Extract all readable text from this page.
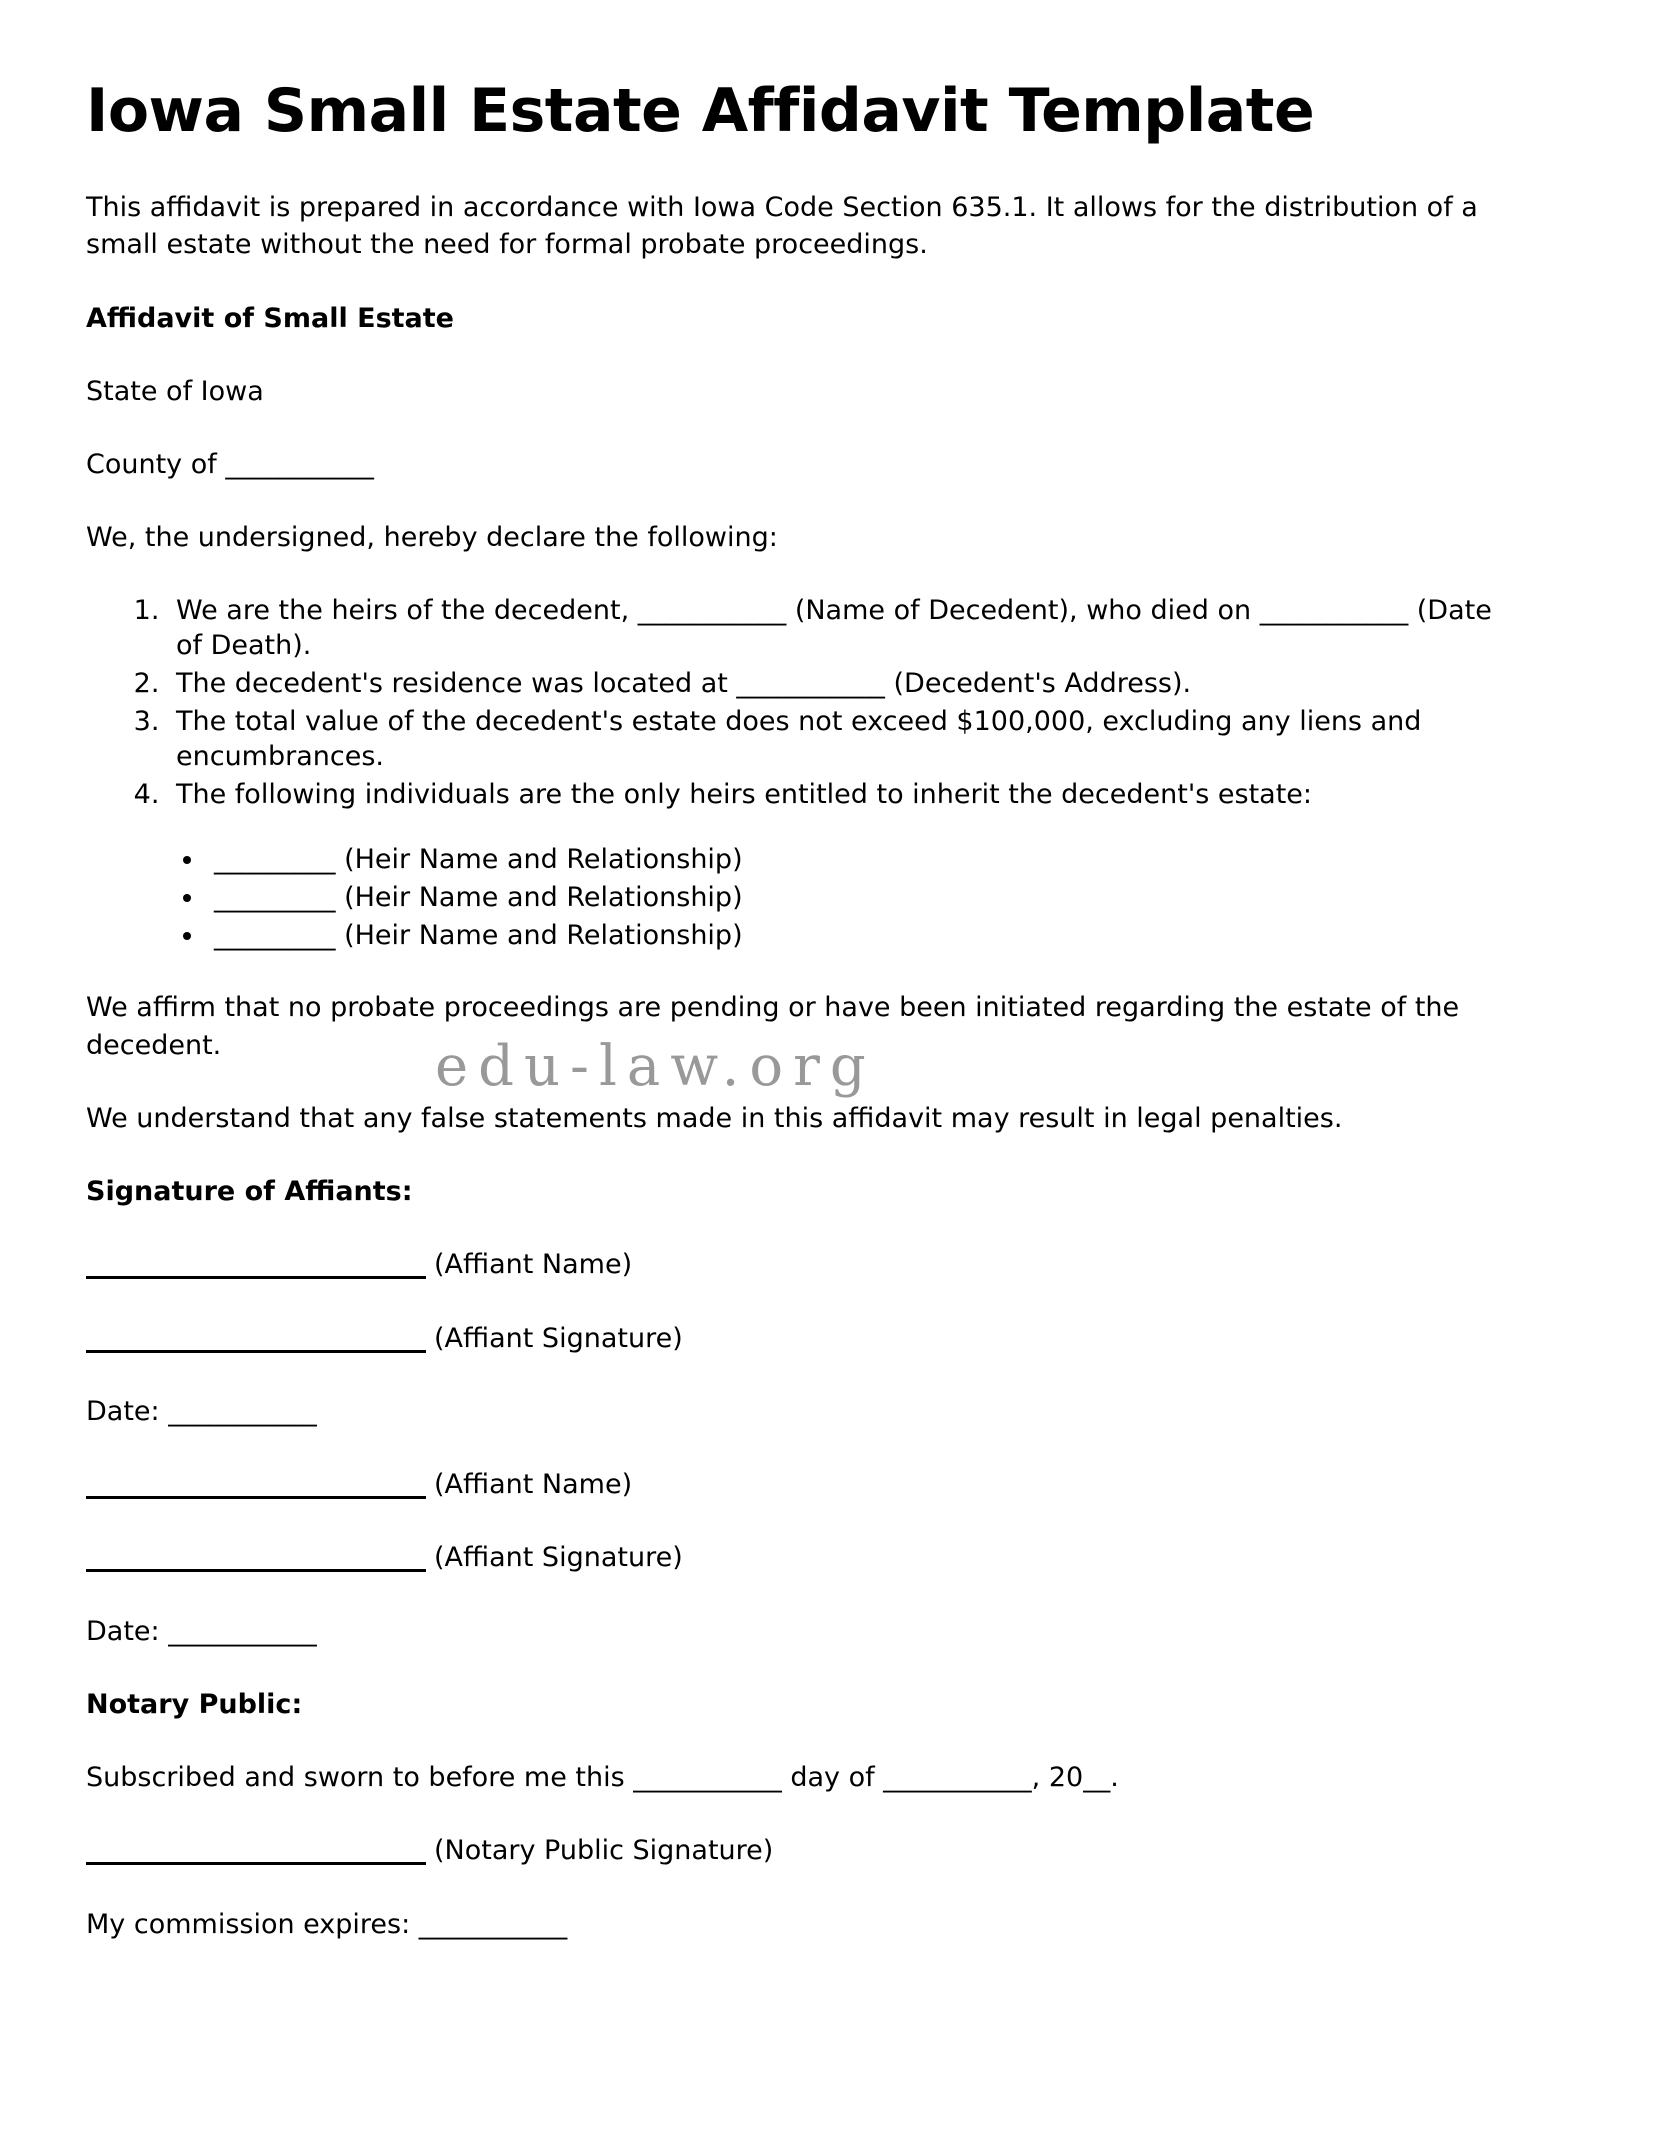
edu-law.org
Iowa Small Estate Affidavit Template

This affidavit is prepared in accordance with Iowa Code Section 635.1. It allows for the distribution of a small estate without the need for formal probate proceedings.

Affidavit of Small Estate

State of Iowa

County of ___________

We, the undersigned, hereby declare the following:

1. We are the heirs of the decedent, ___________ (Name of Decedent), who died on ___________ (Date of Death).
2. The decedent's residence was located at ___________ (Decedent's Address).
3. The total value of the decedent's estate does not exceed $100,000, excluding any liens and encumbrances.
4. The following individuals are the only heirs entitled to inherit the decedent's estate:
• _________ (Heir Name and Relationship)
• _________ (Heir Name and Relationship)
• _________ (Heir Name and Relationship)

We affirm that no probate proceedings are pending or have been initiated regarding the estate of the decedent.

We understand that any false statements made in this affidavit may result in legal penalties.

Signature of Affiants:

(Affiant Name)
(Affiant Signature)

Date: ___________

(Affiant Name)
(Affiant Signature)

Date: ___________

Notary Public:

Subscribed and sworn to before me this ___________ day of ___________, 20__.

(Notary Public Signature)

My commission expires: ___________
